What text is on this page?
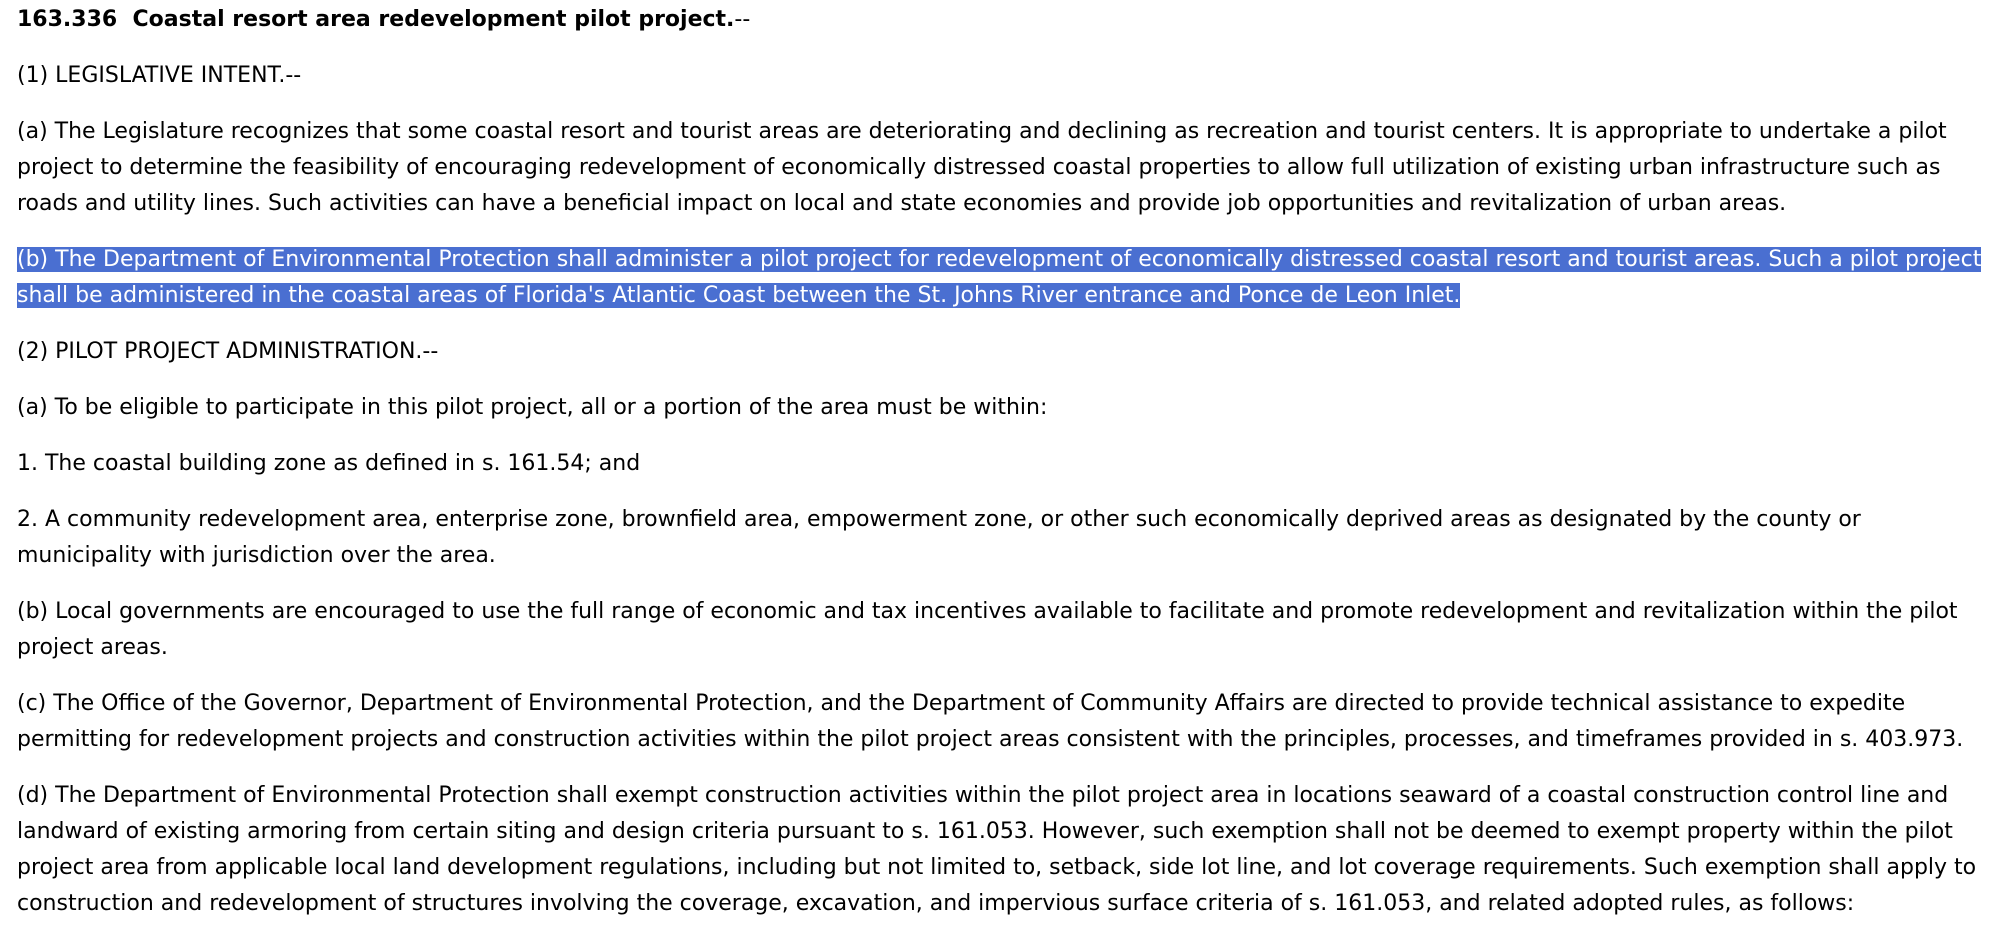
163.336 Coastal resort area redevelopment pilot project.--
(1) LEGISLATIVE INTENT.--
(a) The Legislature recognizes that some coastal resort and tourist areas are deteriorating and declining as recreation and tourist centers. It is appropriate to undertake a pilot project to determine the feasibility of encouraging redevelopment of economically distressed coastal properties to allow full utilization of existing urban infrastructure such as roads and utility lines. Such activities can have a beneficial impact on local and state economies and provide job opportunities and revitalization of urban areas.
(b) The Department of Environmental Protection shall administer a pilot project for redevelopment of economically distressed coastal resort and tourist areas. Such a pilot project shall be administered in the coastal areas of Florida's Atlantic Coast between the St. Johns River entrance and Ponce de Leon Inlet.
(2) PILOT PROJECT ADMINISTRATION.--
(a) To be eligible to participate in this pilot project, all or a portion of the area must be within:
1. The coastal building zone as defined in s. 161.54; and
2. A community redevelopment area, enterprise zone, brownfield area, empowerment zone, or other such economically deprived areas as designated by the county or municipality with jurisdiction over the area.
(b) Local governments are encouraged to use the full range of economic and tax incentives available to facilitate and promote redevelopment and revitalization within the pilot project areas.
(c) The Office of the Governor, Department of Environmental Protection, and the Department of Community Affairs are directed to provide technical assistance to expedite permitting for redevelopment projects and construction activities within the pilot project areas consistent with the principles, processes, and timeframes provided in s. 403.973.
(d) The Department of Environmental Protection shall exempt construction activities within the pilot project area in locations seaward of a coastal construction control line and landward of existing armoring from certain siting and design criteria pursuant to s. 161.053. However, such exemption shall not be deemed to exempt property within the pilot project area from applicable local land development regulations, including but not limited to, setback, side lot line, and lot coverage requirements. Such exemption shall apply to construction and redevelopment of structures involving the coverage, excavation, and impervious surface criteria of s. 161.053, and related adopted rules, as follows:
